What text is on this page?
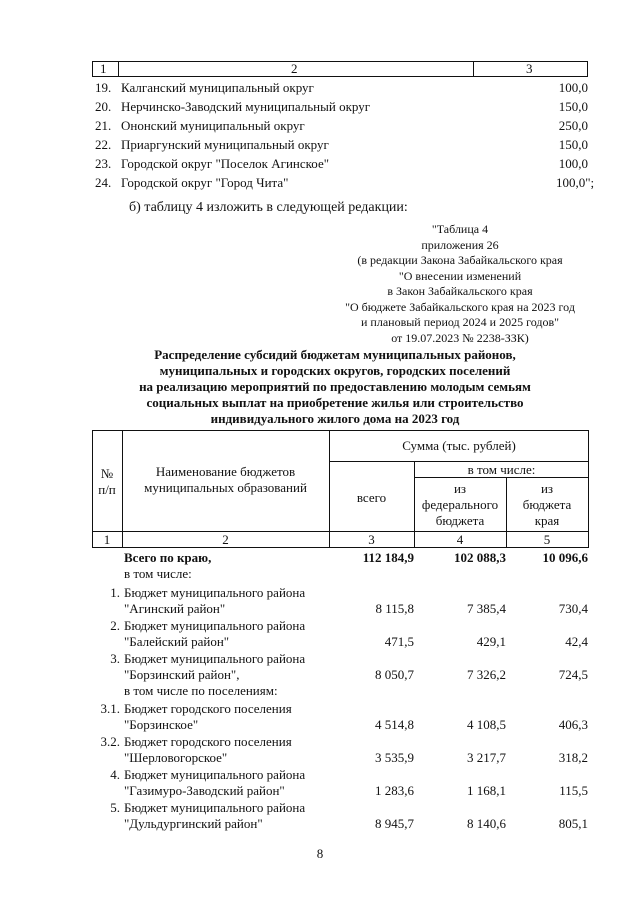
1	2	3
19. Калганский муниципальный округ	100,0
20. Нерчинско-Заводский муниципальный округ	150,0
21. Ононский муниципальный округ	250,0
22. Приаргунский муниципальный округ	150,0
23. Городской округ "Поселок Агинское"	100,0
24. Городской округ "Город Чита"	100,0";
б) таблицу 4 изложить в следующей редакции:
"Таблица 4
приложения 26
(в редакции Закона Забайкальского края
"О внесении изменений
в Закон Забайкальского края
"О бюджете Забайкальского края на 2023 год
и плановый период 2024 и 2025 годов"
от 19.07.2023 № 2238-ЗЗК)
Распределение субсидий бюджетам муниципальных районов,
муниципальных и городских округов, городских поселений
на реализацию мероприятий по предоставлению молодым семьям
социальных выплат на приобретение жилья или строительство
индивидуального жилого дома на 2023 год
№
п/п
Наименование бюджетов
муниципальных образований
Сумма (тыс. рублей)
в том числе:
всего
из
федерального
бюджета
из
бюджета
края
1	2	3	4	5
Всего по краю,	112 184,9	102 088,3	10 096,6
в том числе:
1. Бюджет муниципального района
"Агинский район"	8 115,8	7 385,4	730,4
2. Бюджет муниципального района
"Балейский район"	471,5	429,1	42,4
3. Бюджет муниципального района
"Борзинский район",
в том числе по поселениям:
8 050,7	7 326,2	724,5
3.1. Бюджет городского поселения
"Борзинское"	4 514,8	4 108,5	406,3
3.2. Бюджет городского поселения
"Шерловогорское"	3 535,9	3 217,7	318,2
4. Бюджет муниципального района
"Газимуро-Заводский район"	1 283,6	1 168,1	115,5
5. Бюджет муниципального района
"Дульдургинский район"	8 945,7	8 140,6	805,1
8
